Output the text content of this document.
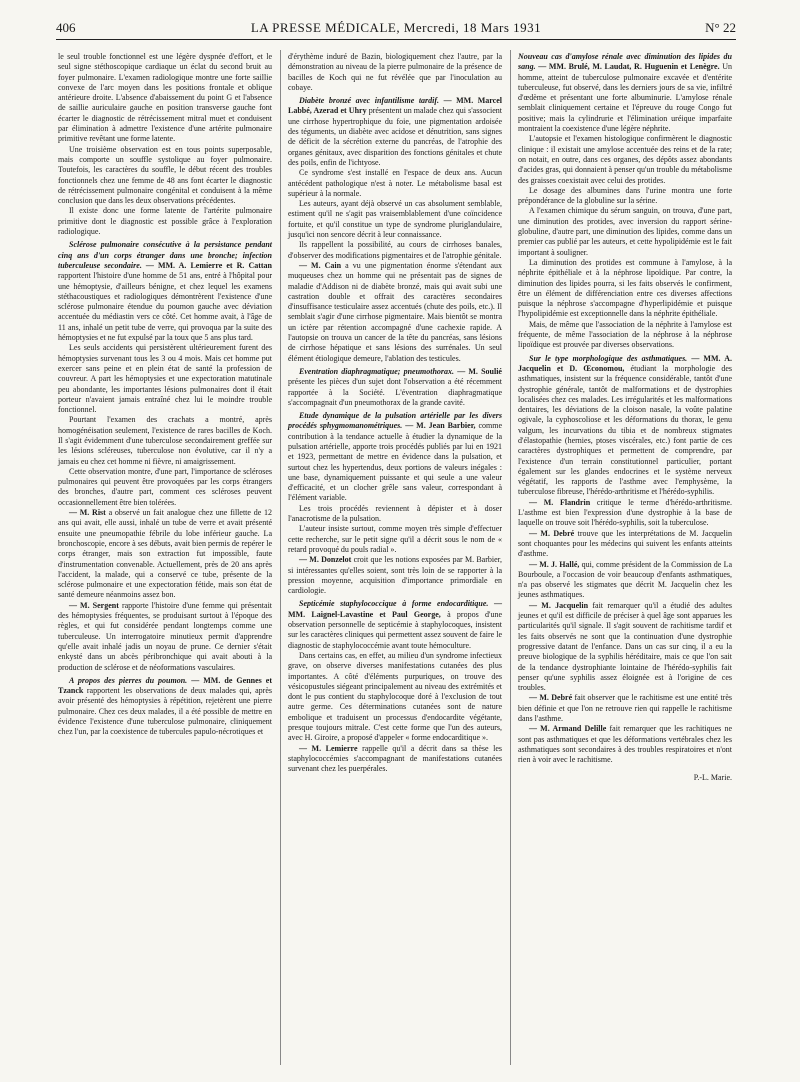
406	LA PRESSE MÉDICALE, Mercredi, 18 Mars 1931	N° 22

le seul trouble fonctionnel est une légère dyspnée d'effort, et le seul signe stéthoscopique cardiaque un éclat du second bruit au foyer pulmonaire. L'examen radiologique montre une forte saillie convexe de l'arc moyen dans les positions frontale et oblique antérieure droite. L'absence d'abaissement du point G et l'absence de saillie auriculaire gauche en position transverse gauche font écarter le diagnostic de rétrécissement mitral muet et conduisent par élimination à admettre l'existence d'une artérite pulmonaire primitive revêtant une forme latente.

Une troisième observation est en tous points superposable, mais comporte un souffle systolique au foyer pulmonaire. Toutefois, les caractères du souffle, le début récent des troubles fonctionnels chez une femme de 48 ans font écarter le diagnostic de rétrécissement pulmonaire congénital et conduisent à la même conclusion que dans les deux observations précédentes.

Il existe donc une forme latente de l'artérite pulmonaire primitive dont le diagnostic est possible grâce à l'exploration radiologique.

Sclérose pulmonaire consécutive à la persistance pendant cinq ans d'un corps étranger dans une bronche; infection tuberculeuse secondaire. — MM. A. Lemierre et R. Cattan rapportent l'histoire d'une homme de 51 ans, entré à l'hôpital pour une hémoptysie, d'ailleurs bénigne, et chez lequel les examens stéthacoustiques et radiologiques démontrèrent l'existence d'une sclérose pulmonaire étendue du poumon gauche avec déviation accentuée du médiastin vers ce côté. Cet homme avait, à l'âge de 11 ans, inhalé un petit tube de verre, qui provoqua par la suite des hémoptysies et ne fut expulsé par la toux que 5 ans plus tard.

Les seuls accidents qui persistèrent ultérieurement furent des hémoptysies survenant tous les 3 ou 4 mois. Mais cet homme put exercer sans peine et en plein état de santé la profession de couvreur. A part les hémoptysies et une expectoration matutinale peu abondante, les importantes lésions pulmonaires dont il était porteur n'avaient jamais entraîné chez lui le moindre trouble fonctionnel.

Pourtant l'examen des crachats a montré, après homogénéisation seulement, l'existence de rares bacilles de Koch. Il s'agit évidemment d'une tuberculose secondairement greffée sur les lésions scléreuses, tuberculose non évolutive, car il n'y a jamais eu chez cet homme ni fièvre, ni amaigrissement.

Cette observation montre, d'une part, l'importance de scléroses pulmonaires qui peuvent être provoquées par les corps étrangers des bronches, d'autre part, comment ces scléroses peuvent occasionnellement être bien tolérées.

— M. Rist a observé un fait analogue chez une fillette de 12 ans qui avait, elle aussi, inhalé un tube de verre et avait présenté ensuite une pneumopathie fébrile du lobe inférieur gauche. La bronchoscopie, encore à ses débuts, avait bien permis de repérer le corps étranger, mais son extraction fut impossible, faute d'instrumentation convenable. Actuellement, près de 20 ans après l'accident, la malade, qui a conservé ce tube, présente de la sclérose pulmonaire et une expectoration fétide, mais son état de santé demeure néanmoins assez bon.

— M. Sergent rapporte l'histoire d'une femme qui présentait des hémoptysies fréquentes, se produisant surtout à l'époque des règles, et qui fut considérée pendant longtemps comme une tuberculeuse. Un interrogatoire minutieux permit d'apprendre qu'elle avait inhalé jadis un noyau de prune. Ce dernier s'était enkysté dans un abcès péribronchique qui avait abouti à la production de sclérose et de néoformations vasculaires.

A propos des pierres du poumon. — MM. de Gennes et Tzanck rapportent les observations de deux malades qui, après avoir présenté des hémoptysies à répétition, rejetèrent une pierre pulmonaire. Chez ces deux malades, il a été possible de mettre en évidence l'existence d'une tuberculose pulmonaire, cliniquement chez l'un, par la coexistence de tubercules papulo-nécrotiques et

d'érythème induré de Bazin, biologiquement chez l'autre, par la démonstration au niveau de la pierre pulmonaire de la présence de bacilles de Koch qui ne fut révélée que par l'inoculation au cobaye.

Diabète bronzé avec infantilisme tardif. — MM. Marcel Labbé, Azerad et Uhry présentent un malade chez qui s'associent une cirrhose hypertrophique du foie, une pigmentation ardoisée des téguments, un diabète avec acidose et dénutrition, sans signes de déficit de la sécrétion externe du pancréas, de l'atrophie des organes génitaux, avec disparition des fonctions génitales et chute des poils, enfin de l'ichtyose.

Ce syndrome s'est installé en l'espace de deux ans. Aucun antécédent pathologique n'est à noter. Le métabolisme basal est supérieur à la normale.

Les auteurs, ayant déjà observé un cas absolument semblable, estiment qu'il ne s'agit pas vraisemblablement d'une coïncidence fortuite, et qu'il constitue un type de syndrome pluriglandulaire, jusqu'ici non sencore décrit à leur connaissance.

Ils rappellent la possibilité, au cours de cirrhoses banales, d'observer des modifications pigmentaires et de l'atrophie génitale.

— M. Cain a vu une pigmentation énorme s'étendant aux muqueuses chez un homme qui ne présentait pas de signes de maladie d'Addison ni de diabète bronzé, mais qui avait subi une castration double et offrait des caractères secondaires d'insuffisance testiculaire assez accentués (chute des poils, etc.). Il semblait s'agir d'une cirrhose pigmentaire. Mais bientôt se montra un ictère par rétention accompagné d'une cachexie rapide. A l'autopsie on trouva un cancer de la tête du pancréas, sans lésions de cirrhose hépatique et sans lésions des surrénales. Un seul élément étiologique demeure, l'ablation des testicules.

Eventration diaphragmatique; pneumothorax. — M. Soulié présente les pièces d'un sujet dont l'observation a été récemment rapportée à la Société. L'éventration diaphragmatique s'accompagnait d'un pneumothorax de la grande cavité.

Etude dynamique de la pulsation artérielle par les divers procédés sphygmomanométriques. — M. Jean Barbier, comme contribution à la tendance actuelle à étudier la dynamique de la pulsation artérielle, apporte trois procédés publiés par lui en 1921 et 1923, permettant de mettre en évidence dans la pulsation, et surtout chez les hypertendus, deux portions de valeurs inégales : une base, dynamiquement puissante et qui seule a une valeur d'efficacité, et un clocher grêle sans valeur, correspondant à l'élément variable.

Les trois procédés reviennent à dépister et à doser l'anacrotisme de la pulsation.

L'auteur insiste surtout, comme moyen très simple d'effectuer cette recherche, sur le petit signe qu'il a décrit sous le nom de « retard provoqué du pouls radial ».

— M. Donzelot croit que les notions exposées par M. Barbier, si intéressantes qu'elles soient, sont très loin de se rapporter à la pression moyenne, acquisition d'importance primordiale en cardiologie.

Septicémie staphylococcique à forme endocarditique. — MM. Laignel-Lavastine et Paul George, à propos d'une observation personnelle de septicémie à staphylocoques, insistent sur les caractères cliniques qui permettent assez souvent de faire le diagnostic de staphylococcémie avant toute hémoculture.

Dans certains cas, en effet, au milieu d'un syndrome infectieux grave, on observe diverses manifestations cutanées des plus importantes. A côté d'éléments purpuriques, on trouve des vésicopustules siégeant principalement au niveau des extrémités et dont le pus contient du staphylocoque doré à l'exclusion de tout autre germe. Ces déterminations cutanées sont de nature embolique et traduisent un processus d'endocardite végétante, presque toujours mitrale. C'est cette forme que l'un des auteurs, avec H. Giroire, a proposé d'appeler « forme endocarditique ».

— M. Lemierre rappelle qu'il a décrit dans sa thèse les staphylococcémies s'accompagnant de manifestations cutanées survenant chez les puerpérales.

Nouveau cas d'amylose rénale avec diminution des lipides du sang. — MM. Brulé, M. Laudat, R. Huguenin et Lenègre. Un homme, atteint de tuberculose pulmonaire excavée et d'entérite tuberculeuse, fut observé, dans les derniers jours de sa vie, infiltré d'œdème et présentant une forte albuminurie. L'amylose rénale semblait cliniquement certaine et l'épreuve du rouge Congo fut positive; mais la cylindrurie et l'élimination uréique imparfaite montraient la coexistence d'une légère néphrite.

L'autopsie et l'examen histologique confirmèrent le diagnostic clinique : il existait une amylose accentuée des reins et de la rate; on notait, en outre, dans ces organes, des dépôts assez abondants d'acides gras, qui donnaient à penser qu'un trouble du métabolisme des graisses coexistait avec celui des protides.

Le dosage des albumines dans l'urine montra une forte prépondérance de la globuline sur la sérine.

A l'examen chimique du sérum sanguin, on trouva, d'une part, une diminution des protides, avec inversion du rapport sérine-globuline, d'autre part, une diminution des lipides, comme dans un premier cas publié par les auteurs, et cette hypolipidémie est le fait important à souligner.

La diminution des protides est commune à l'amylose, à la néphrite épithéliale et à la néphrose lipoïdique. Par contre, la diminution des lipides pourra, si les faits observés le confirment, être un élément de différenciation entre ces diverses affections puisque la néphrose s'accompagne d'hyperlipidémie et puisque l'hypolipidémie est exceptionnelle dans la néphrite épithéliale.

Mais, de même que l'association de la néphrite à l'amylose est fréquente, de même l'association de la néphrose à la néphrose lipoïdique est prouvée par diverses observations.

Sur le type morphologique des asthmatiques. — MM. A. Jacquelin et D. Œconomou, étudiant la morphologie des asthmatiques, insistent sur la fréquence considérable, tantôt d'une dystrophie générale, tantôt de malformations et de dystrophies localisées chez ces malades. Les irrégularités et les malformations dentaires, les déviations de la cloison nasale, la voûte palatine ogivale, la cyphoscoliose et les déformations du thorax, le genu valgum, les incurvations du tibia et de nombreux stigmates d'élastopathie (hernies, ptoses viscérales, etc.) font partie de ces caractères dystrophiques et permettent de comprendre, par l'existence d'un terrain constitutionnel particulier, portant également sur les glandes endocrines et le système nerveux végétatif, les rapports de l'asthme avec l'emphysème, la tuberculose fibreuse, l'hérédo-arthritisme et l'hérédo-syphilis.

— M. Flandrin critique le terme d'hérédo-arthritisme. L'asthme est bien l'expression d'une dystrophie à la base de laquelle on trouve soit l'hérédo-syphilis, soit la tuberculose.

— M. Debré trouve que les interprétations de M. Jacquelin sont choquantes pour les médecins qui suivent les enfants atteints d'asthme.

— M. J. Hallé, qui, comme président de la Commission de La Bourboule, a l'occasion de voir beaucoup d'enfants asthmatiques, n'a pas observé les stigmates que décrit M. Jacquelin chez les jeunes asthmatiques.

— M. Jacquelin fait remarquer qu'il a étudié des adultes jeunes et qu'il est difficile de préciser à quel âge sont apparues les particularités qu'il signale. Il s'agit souvent de rachitisme tardif et les faits observés ne sont que la continuation d'une dystrophie progressive datant de l'enfance. Dans un cas sur cinq, il a eu la preuve biologique de la syphilis héréditaire, mais ce que l'on sait de la tendance dystrophiante lointaine de l'hérédo-syphilis fait penser qu'une syphilis assez éloignée est à l'origine de ces troubles.

— M. Debré fait observer que le rachitisme est une entité très bien définie et que l'on ne retrouve rien qui rappelle le rachitisme dans l'asthme.

— M. Armand Delille fait remarquer que les rachitiques ne sont pas asthmatiques et que les déformations vertébrales chez les asthmatiques sont secondaires à des troubles respiratoires et n'ont rien à voir avec le rachitisme.

P.-L. Marie.
